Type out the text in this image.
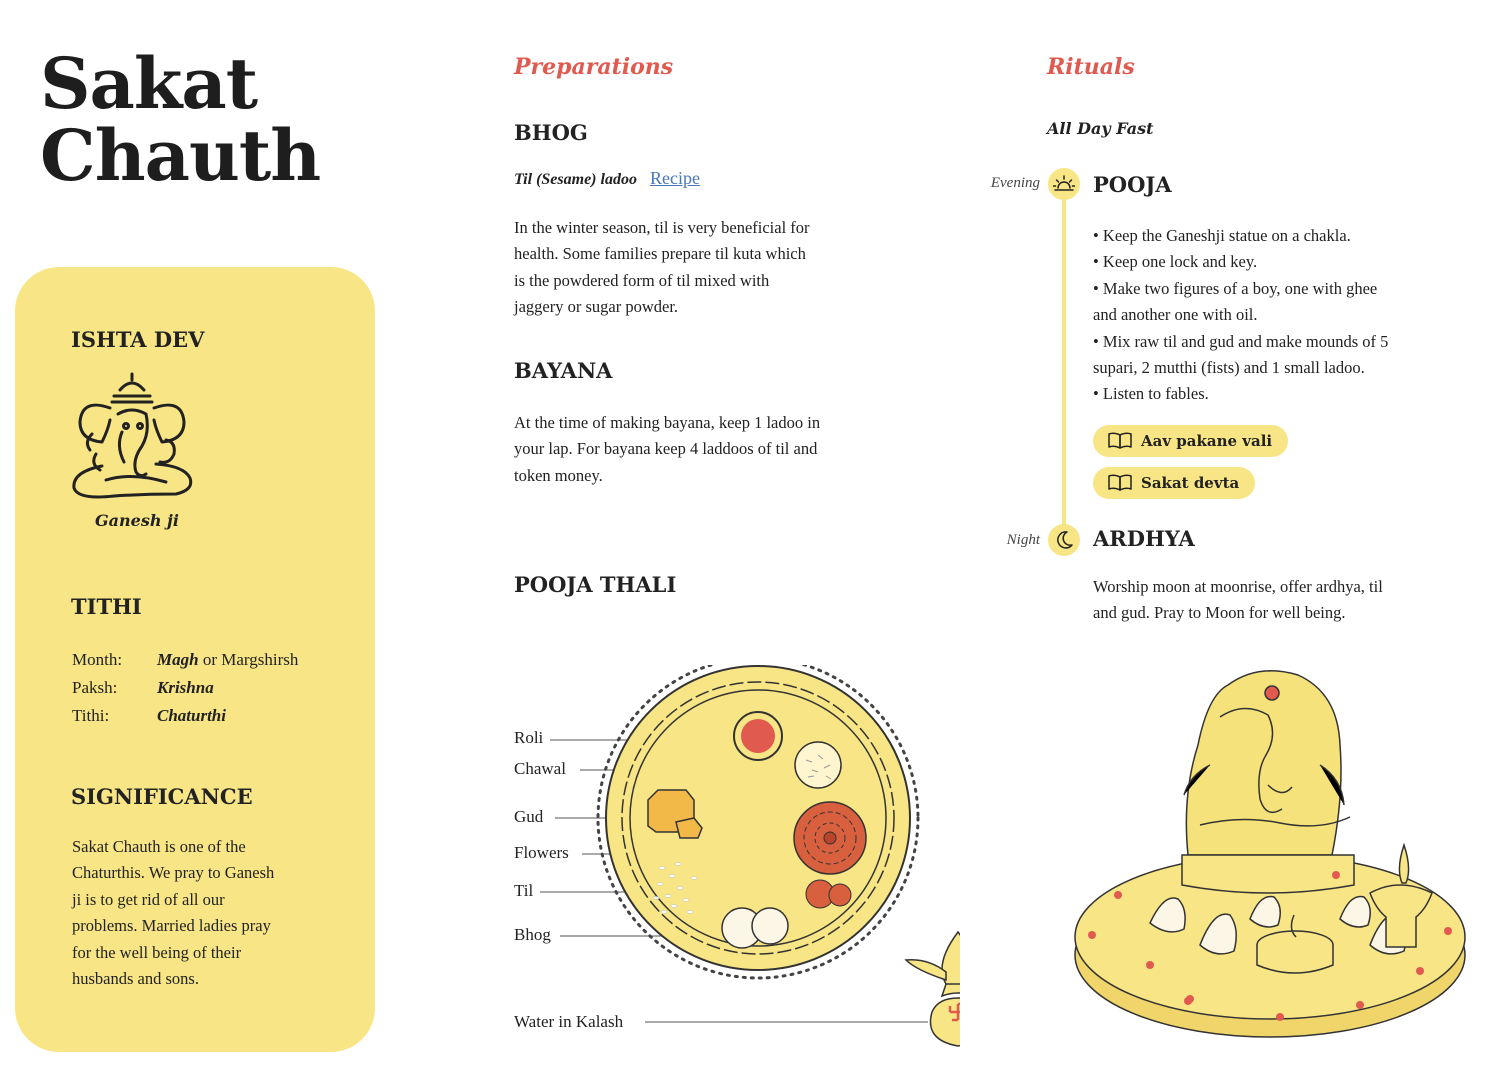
Sakat
Chauth
ISHTA DEV
Ganesh ji
TITHI
Month: Magh or Margshirsh
Paksh: Krishna
Tithi:	Chaturthi
SIGNIFICANCE

Sakat Chauth is one of the

Chaturthis. We pray to Ganesh

ji is to get rid of all our

problems. Married ladies pray

for the well being of their

husbands and sons.

Preparations
BHOG
Til (Sesame) ladoo Recipe

In the winter season, til is very beneficial for

health. Some families prepare til kuta which

is the powdered form of til mixed with

jaggery or sugar powder.

BAYANA

At the time of making bayana, keep 1 ladoo in

your lap. For bayana keep 4 laddoos of til and

token money.

POOJA THALI
Roli
Chawal
Gud
Flowers
Til
Bhog
Water in Kalash
Rituals
All Day Fast
Evening	POOJA

• Keep the Ganeshji statue on a chakla.

• Keep one lock and key.

• Make two figures of a boy, one with ghee

and another one with oil.

• Mix raw til and gud and make mounds of 5

supari, 2 mutthi (fists) and 1 small ladoo.

• Listen to fables.

Aav pakane vali
Sakat devta
Night	ARDHYA

Worship moon at moonrise, offer ardhya, til

and gud. Pray to Moon for well being.
